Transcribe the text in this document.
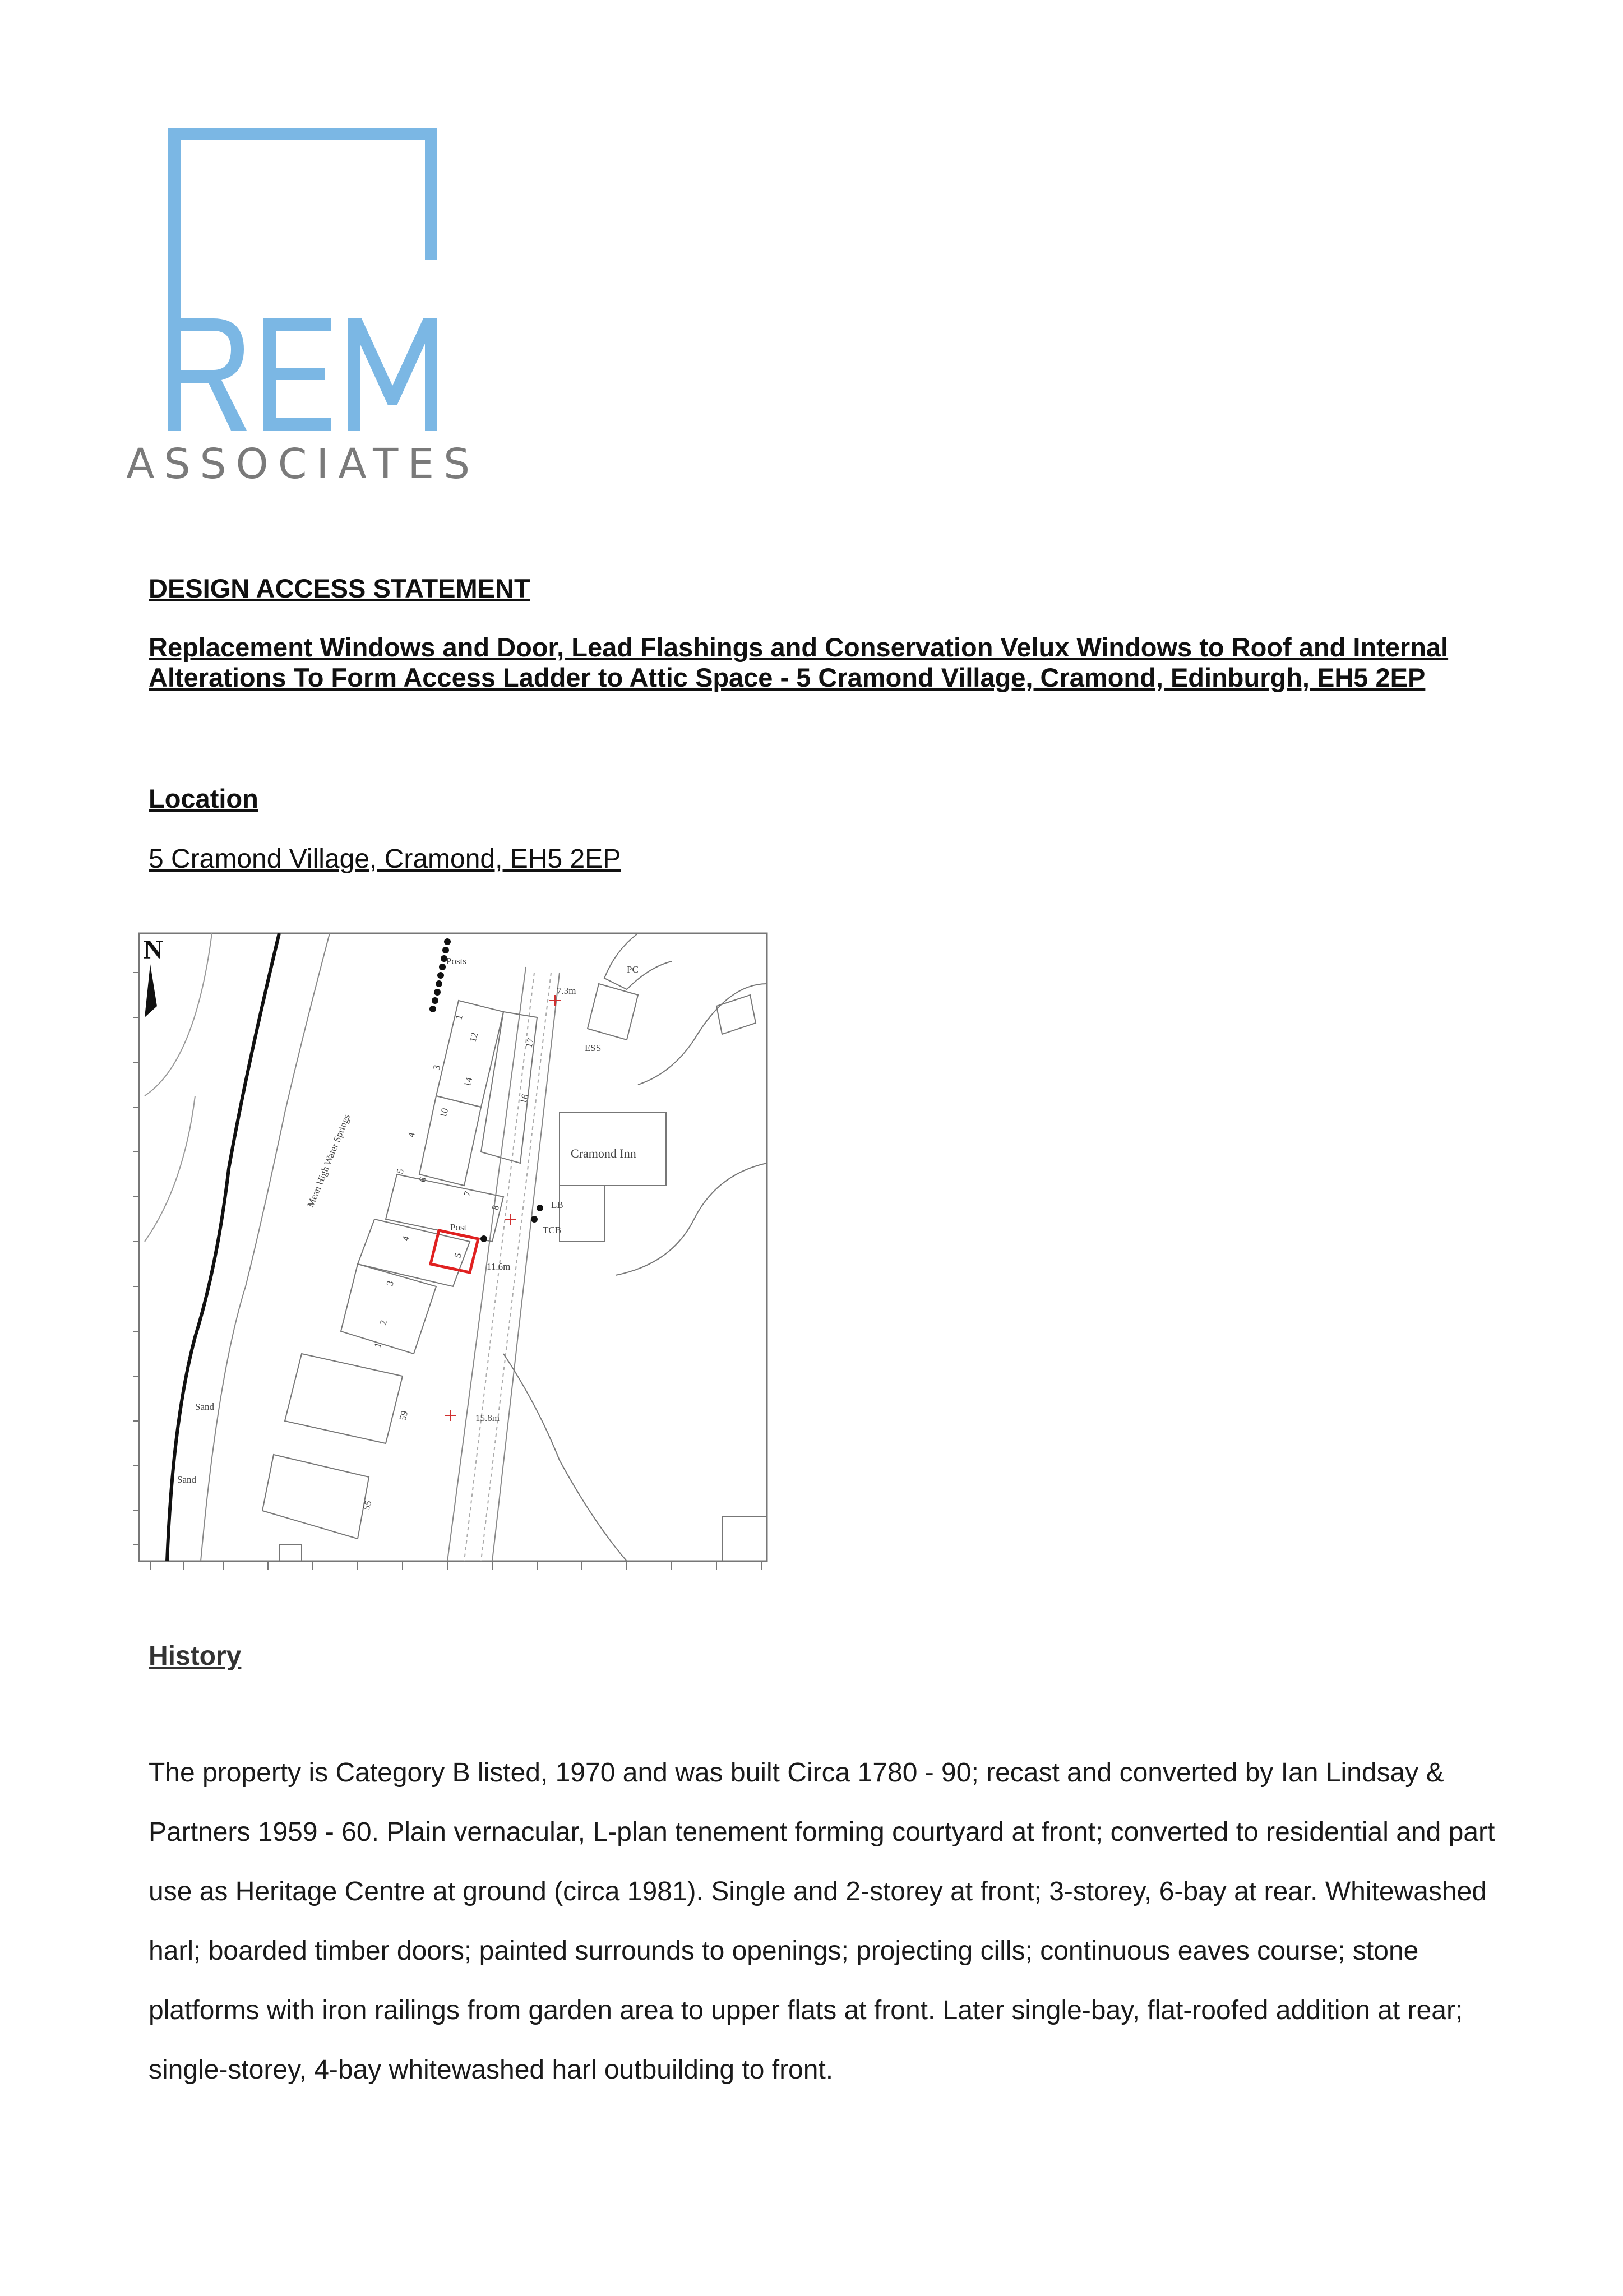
ASSOCIATES
DESIGN ACCESS STATEMENT
Replacement Windows and Door, Lead Flashings and Conservation Velux Windows to Roof and Internal Alterations To Form Access Ladder to Attic Space - 5 Cramond Village, Cramond, Edinburgh, EH5 2EP
Location

5 Cramond Village, Cramond, EH5 2EP

N	Posts
PC
7.3m
ESS
Cramond Inn
LB
TCB
Post
11.6m
15.8m
Sand
Sand
Mean High Water Springs
1
12	17
3
14
16
10
4
5
6
7
8
4
5
3
2
1
59
55
History

The property is Category B listed, 1970 and was built Circa 1780 - 90; recast and converted by Ian Lindsay & Partners 1959 - 60. Plain vernacular, L-plan tenement forming courtyard at front; converted to residential and part use as Heritage Centre at ground (circa 1981). Single and 2-storey at front; 3-storey, 6-bay at rear. Whitewashed harl; boarded timber doors; painted surrounds to openings; projecting cills; continuous eaves course; stone platforms with iron railings from garden area to upper flats at front. Later single-bay, flat-roofed addition at rear; single-storey, 4-bay whitewashed harl outbuilding to front.
